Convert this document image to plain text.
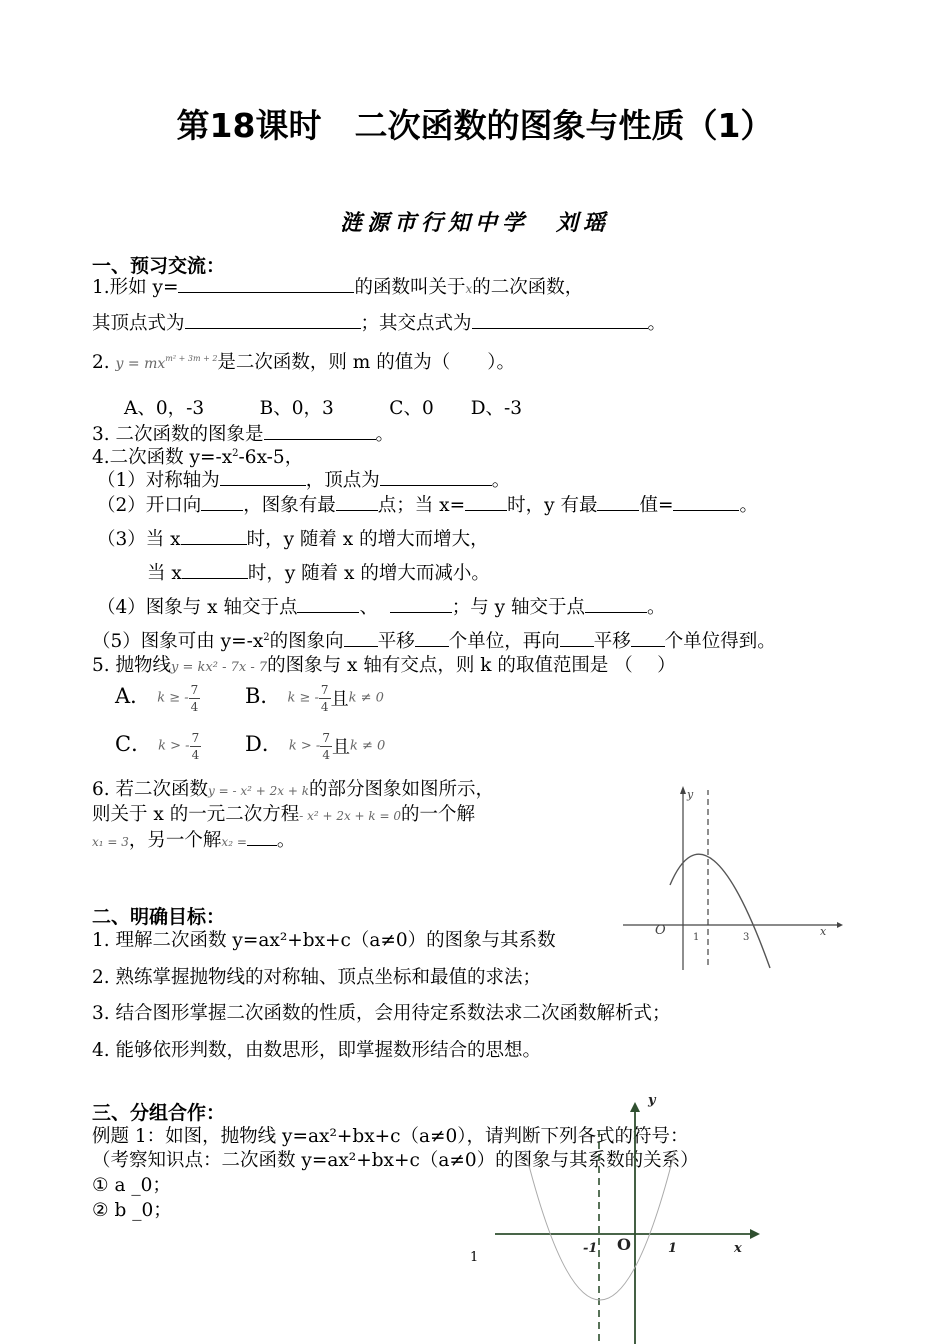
第18课时　二次函数的图象与性质（1）
涟源市行知中学　刘瑶
一、预习交流：
1.形如 y=	的函数叫关于x的二次函数，
其顶点式为	；其交点式为	。
2. $y = mx^{m^2 + 3m + 2}$是二次函数，则 m 的值为（　　）。
A、0，-3　　　B、0，3　　　C、0　　D、-3
3. 二次函数的图象是	。
4.二次函数 $y=-x^2-6x-5$，
（1）对称轴为	，顶点为	。
（2）开口向 ，图象有最 点；当 x= 时，y 有最 值=	。
（3）当 x	时，y 随着 x 的增大而增大，
当 x	时，y 随着 x 的增大而减小。
（4）图象与 x 轴交于点	、	；与 y 轴交于点	。
（5）图象可由 $y=-x^2$的图象向 平移 个单位，再向 平移 个单位得到。
5. 抛物线y = kx² - 7x - 7的图象与 x 轴有交点，则 k 的取值范围是 （　 ）
A． k ≥ - $\frac{7}{4}$ B． k ≥ - $\frac{7}{4}$ 且k ≠ 0
C． k > - $\frac{7}{4}$ D． k > - $\frac{7}{4}$ 且k ≠ 0
6. 若二次函数y = - x² + 2x + k的部分图象如图所示，
则关于 x 的一元二次方程- x² + 2x + k = 0的一个解
x₁ = 3，另一个解x₂ = 。
y
x
O	1	3
二、明确目标：
1. 理解二次函数 y=ax²+bx+c（a≠0）的图象与其系数
2. 熟练掌握抛物线的对称轴、顶点坐标和最值的求法；
3. 结合图形掌握二次函数的性质，会用待定系数法求二次函数解析式；
4. 能够依形判数，由数思形，即掌握数形结合的思想。
三、分组合作：
例题 1：如图，抛物线 y=ax²+bx+c（a≠0），请判断下列各式的符号：
（考察知识点：二次函数 y=ax²+bx+c（a≠0）的图象与其系数的关系）
① a _0；
② b _0；
y
x
O
-1	1
1
